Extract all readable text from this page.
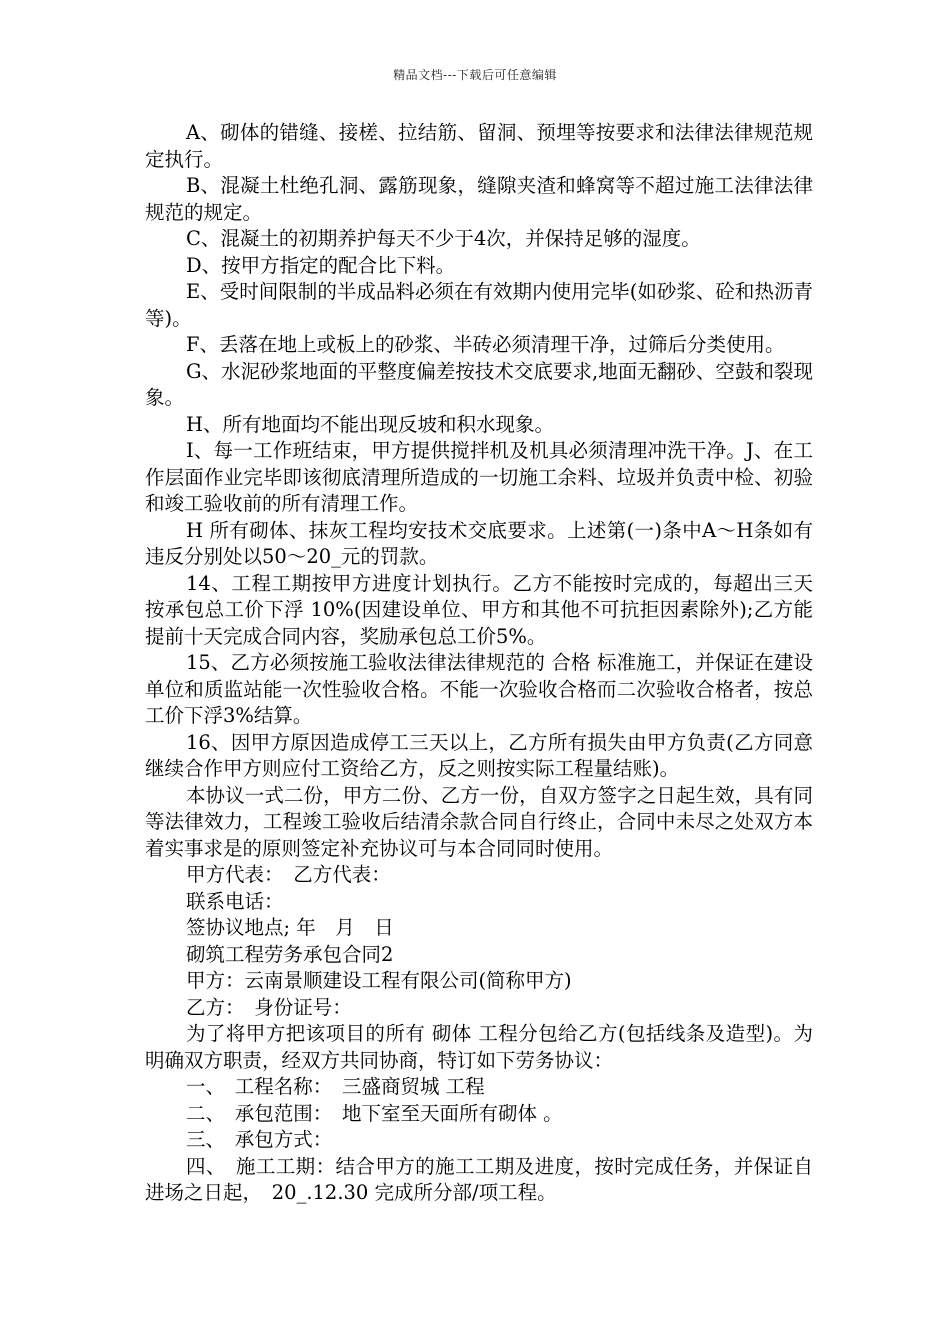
精品文档---下载后可任意编辑

A、砌体的错缝、接槎、拉结筋、留洞、预埋等按要求和法律法律规范规定执行。

B、混凝土杜绝孔洞、露筋现象，缝隙夹渣和蜂窝等不超过施工法律法律规范的规定。

C、混凝土的初期养护每天不少于4次，并保持足够的湿度。

D、按甲方指定的配合比下料。

E、受时间限制的半成品料必须在有效期内使用完毕(如砂浆、砼和热沥青等)。

F、丢落在地上或板上的砂浆、半砖必须清理干净，过筛后分类使用。

G、水泥砂浆地面的平整度偏差按技术交底要求,地面无翻砂、空鼓和裂现象。

H、所有地面均不能出现反坡和积水现象。

I、每一工作班结束，甲方提供搅拌机及机具必须清理冲洗干净。J、在工作层面作业完毕即该彻底清理所造成的一切施工余料、垃圾并负责中检、初验和竣工验收前的所有清理工作。

H 所有砌体、抹灰工程均安技术交底要求。上述第(一)条中A～H条如有违反分别处以50～20_元的罚款。

14、工程工期按甲方进度计划执行。乙方不能按时完成的，每超出三天按承包总工价下浮 10%(因建设单位、甲方和其他不可抗拒因素除外);乙方能提前十天完成合同内容，奖励承包总工价5%。

15、乙方必须按施工验收法律法律规范的 合格 标准施工，并保证在建设单位和质监站能一次性验收合格。不能一次验收合格而二次验收合格者，按总工价下浮3%结算。

16、因甲方原因造成停工三天以上，乙方所有损失由甲方负责(乙方同意继续合作甲方则应付工资给乙方，反之则按实际工程量结账)。

本协议一式二份，甲方二份、乙方一份，自双方签字之日起生效，具有同等法律效力，工程竣工验收后结清余款合同自行终止，合同中未尽之处双方本着实事求是的原则签定补充协议可与本合同同时使用。

甲方代表：　乙方代表：

联系电话：

签协议地点; 年　月　日

砌筑工程劳务承包合同2

甲方：云南景顺建设工程有限公司(简称甲方)

乙方：　身份证号：

为了将甲方把该项目的所有 砌体 工程分包给乙方(包括线条及造型)。为明确双方职责，经双方共同协商，特订如下劳务协议：

一、　工程名称：　三盛商贸城 工程

二、　承包范围：　地下室至天面所有砌体 。

三、　承包方式：

四、　施工工期：结合甲方的施工工期及进度，按时完成任务，并保证自进场之日起，　20_.12.30 完成所分部/项工程。
